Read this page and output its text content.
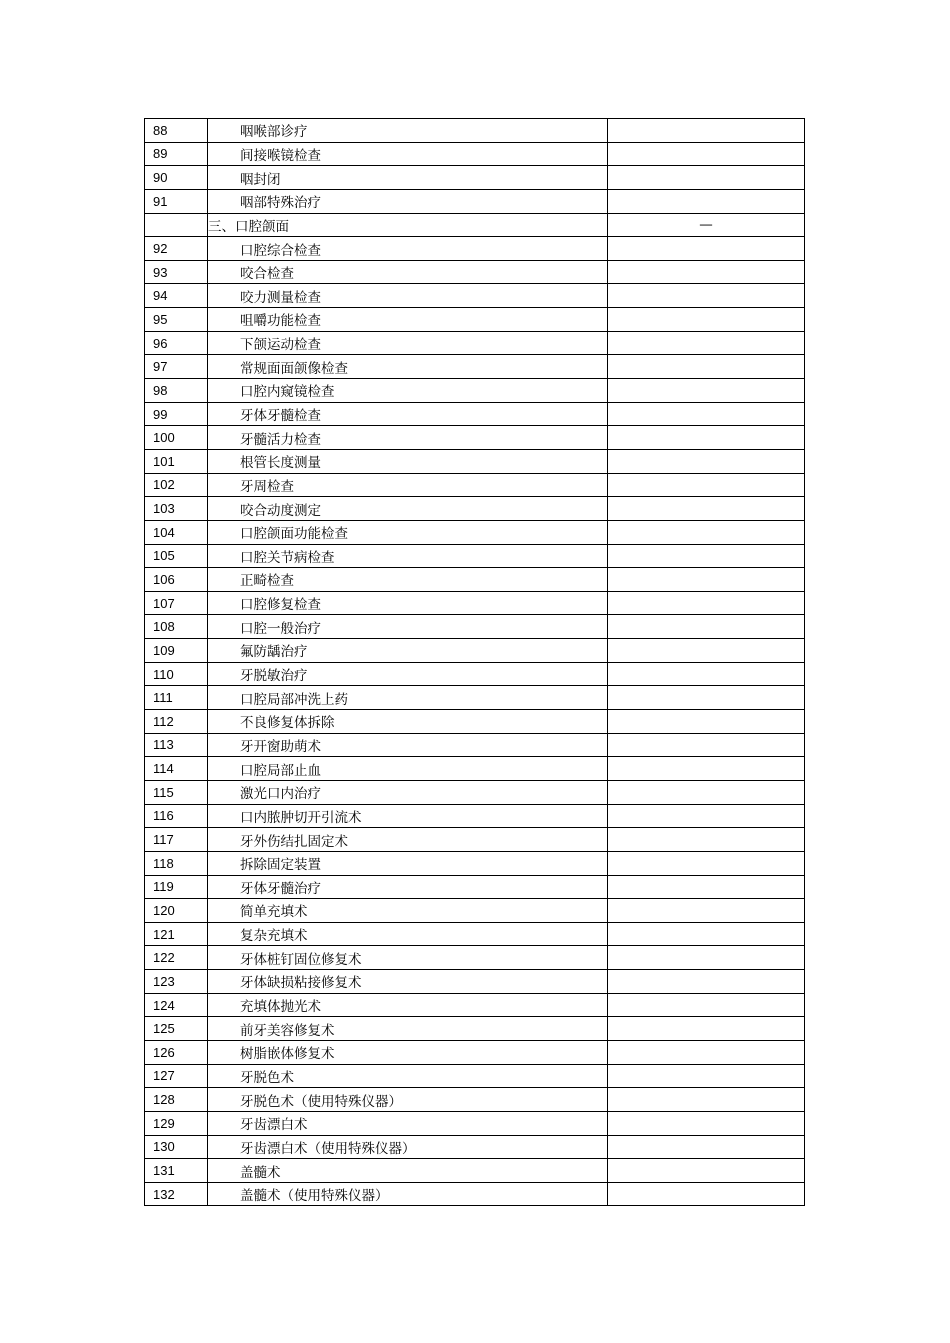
88	咽喉部诊疗	
89	间接喉镜检查	
90	咽封闭	
91	咽部特殊治疗	
	三、口腔颌面	—
92	口腔综合检查	
93	咬合检查	
94	咬力测量检查	
95	咀嚼功能检查	
96	下颌运动检查	
97	常规面面颌像检查	
98	口腔内窥镜检查	
99	牙体牙髓检查	
100	牙髓活力检查	
101	根管长度测量	
102	牙周检查	
103	咬合动度测定	
104	口腔颌面功能检查	
105	口腔关节病检查	
106	正畸检查	
107	口腔修复检查	
108	口腔一般治疗	
109	氟防龋治疗	
110	牙脱敏治疗	
111	口腔局部冲洗上药	
112	不良修复体拆除	
113	牙开窗助萌术	
114	口腔局部止血	
115	激光口内治疗	
116	口内脓肿切开引流术	
117	牙外伤结扎固定术	
118	拆除固定装置	
119	牙体牙髓治疗	
120	简单充填术	
121	复杂充填术	
122	牙体桩钉固位修复术	
123	牙体缺损粘接修复术	
124	充填体抛光术	
125	前牙美容修复术	
126	树脂嵌体修复术	
127	牙脱色术	
128	牙脱色术（使用特殊仪器）	
129	牙齿漂白术	
130	牙齿漂白术（使用特殊仪器）	
131	盖髓术	
132	盖髓术（使用特殊仪器）	
